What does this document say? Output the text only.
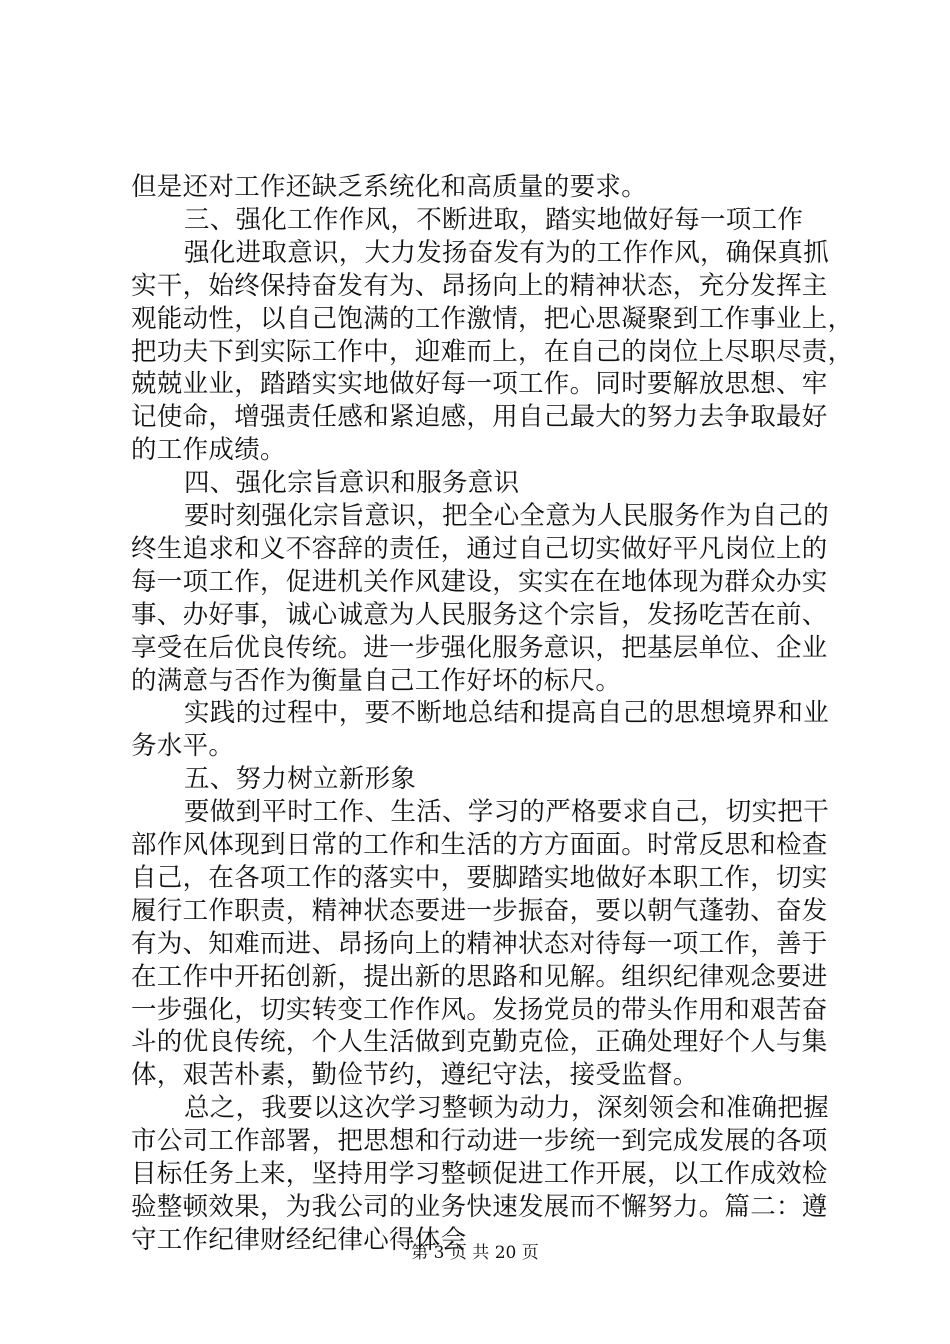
但是还对工作还缺乏系统化和高质量的要求。
三、强化工作作风，不断进取，踏实地做好每一项工作
强化进取意识，大力发扬奋发有为的工作作风，确保真抓
实干，始终保持奋发有为、昂扬向上的精神状态，充分发挥主
观能动性，以自己饱满的工作激情，把心思凝聚到工作事业上，
把功夫下到实际工作中，迎难而上，在自己的岗位上尽职尽责，
兢兢业业，踏踏实实地做好每一项工作。同时要解放思想、牢
记使命，增强责任感和紧迫感，用自己最大的努力去争取最好
的工作成绩。
四、强化宗旨意识和服务意识
要时刻强化宗旨意识，把全心全意为人民服务作为自己的
终生追求和义不容辞的责任，通过自己切实做好平凡岗位上的
每一项工作，促进机关作风建设，实实在在地体现为群众办实
事、办好事，诚心诚意为人民服务这个宗旨，发扬吃苦在前、
享受在后优良传统。进一步强化服务意识，把基层单位、企业
的满意与否作为衡量自己工作好坏的标尺。
实践的过程中，要不断地总结和提高自己的思想境界和业
务水平。
五、努力树立新形象
要做到平时工作、生活、学习的严格要求自己，切实把干
部作风体现到日常的工作和生活的方方面面。时常反思和检查
自己，在各项工作的落实中，要脚踏实地做好本职工作，切实
履行工作职责，精神状态要进一步振奋，要以朝气蓬勃、奋发
有为、知难而进、昂扬向上的精神状态对待每一项工作，善于
在工作中开拓创新，提出新的思路和见解。组织纪律观念要进
一步强化，切实转变工作作风。发扬党员的带头作用和艰苦奋
斗的优良传统，个人生活做到克勤克俭，正确处理好个人与集
体，艰苦朴素，勤俭节约，遵纪守法，接受监督。
总之，我要以这次学习整顿为动力，深刻领会和准确把握
市公司工作部署，把思想和行动进一步统一到完成发展的各项
目标任务上来，坚持用学习整顿促进工作开展，以工作成效检
验整顿效果，为我公司的业务快速发展而不懈努力。篇二：遵
守工作纪律财经纪律心得体会
第 3 页 共 20 页
